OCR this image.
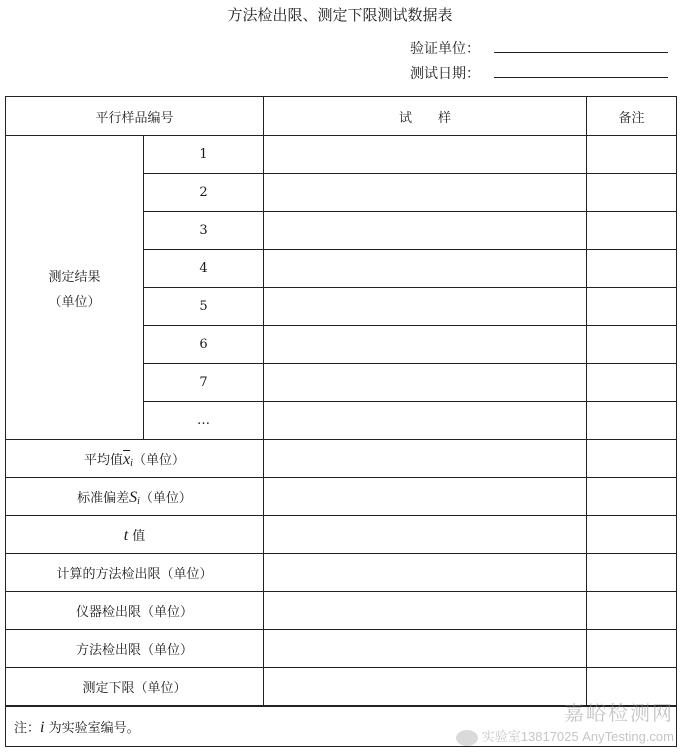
方法检出限、测定下限测试数据表
验证单位：
测试日期：
平行样品编号		试　　样	备注

测定结果
（单位）	1		
	2		
	3		
	4		
	5		
	6		
	7		
	…		
平均值$\overline{x}_i$（单位）			
标准偏差$S_i$（单位）			
t 值			
计算的方法检出限（单位）			
仪器检出限（单位）			
方法检出限（单位）			
测定下限（单位）			
注：i 为实验室编号。			
嘉峪检测网
实验室13817025 AnyTesting.com
